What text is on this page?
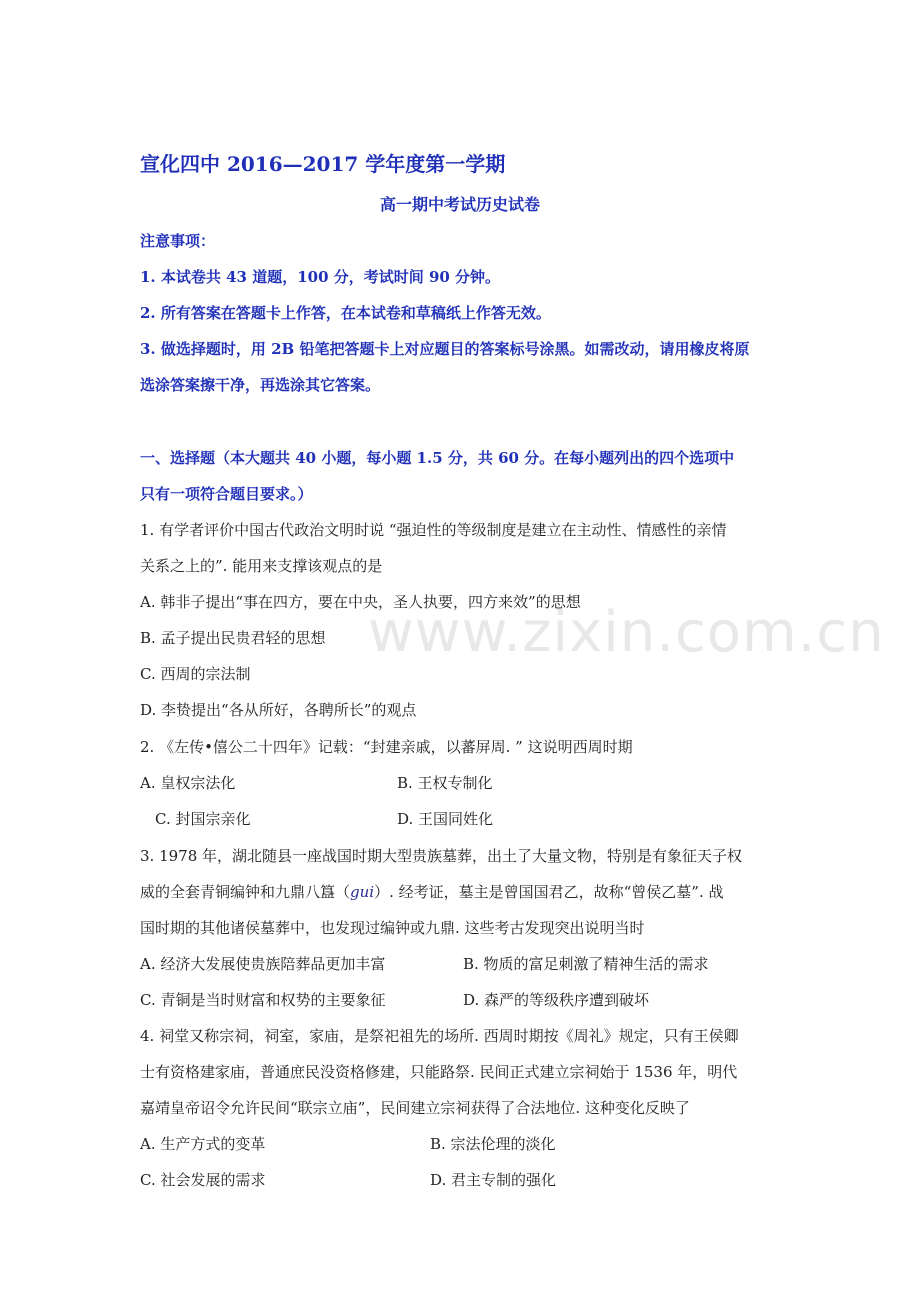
宣化四中 2016—2017 学年度第一学期
高一期中考试历史试卷
注意事项：
1. 本试卷共 43 道题，100 分，考试时间 90 分钟。
2. 所有答案在答题卡上作答，在本试卷和草稿纸上作答无效。
3. 做选择题时，用 2B 铅笔把答题卡上对应题目的答案标号涂黑。如需改动，请用橡皮将原
选涂答案擦干净，再选涂其它答案。
一、选择题（本大题共 40 小题，每小题 1.5 分，共 60 分。在每小题列出的四个选项中
只有一项符合题目要求。）
1. 有学者评价中国古代政治文明时说 “强迫性的等级制度是建立在主动性、情感性的亲情
关系之上的”. 能用来支撑该观点的是
A. 韩非子提出“事在四方，要在中央，圣人执要，四方来效”的思想
B. 孟子提出民贵君轻的思想
C. 西周的宗法制
D. 李贽提出“各从所好，各聘所长”的观点
2. 《左传•僖公二十四年》记载：“封建亲戚，以蕃屏周. ” 这说明西周时期
A. 皇权宗法化	B. 王权专制化
C. 封国宗亲化	D. 王国同姓化
3. 1978 年，湖北随县一座战国时期大型贵族墓葬，出土了大量文物，特别是有象征天子权
威的全套青铜编钟和九鼎八簋（gui）. 经考证，墓主是曾国国君乙，故称“曾侯乙墓”. 战
国时期的其他诸侯墓葬中，也发现过编钟或九鼎. 这些考古发现突出说明当时
A. 经济大发展使贵族陪葬品更加丰富	B. 物质的富足刺激了精神生活的需求
C. 青铜是当时财富和权势的主要象征	D. 森严的等级秩序遭到破坏
4. 祠堂又称宗祠，祠室，家庙，是祭祀祖先的场所. 西周时期按《周礼》规定，只有王侯卿
士有资格建家庙，普通庶民没资格修建，只能路祭. 民间正式建立宗祠始于 1536 年，明代
嘉靖皇帝诏令允许民间“联宗立庙”，民间建立宗祠获得了合法地位. 这种变化反映了
A. 生产方式的变革	B. 宗法伦理的淡化
C. 社会发展的需求	D. 君主专制的强化
www.zixin.com.cn
